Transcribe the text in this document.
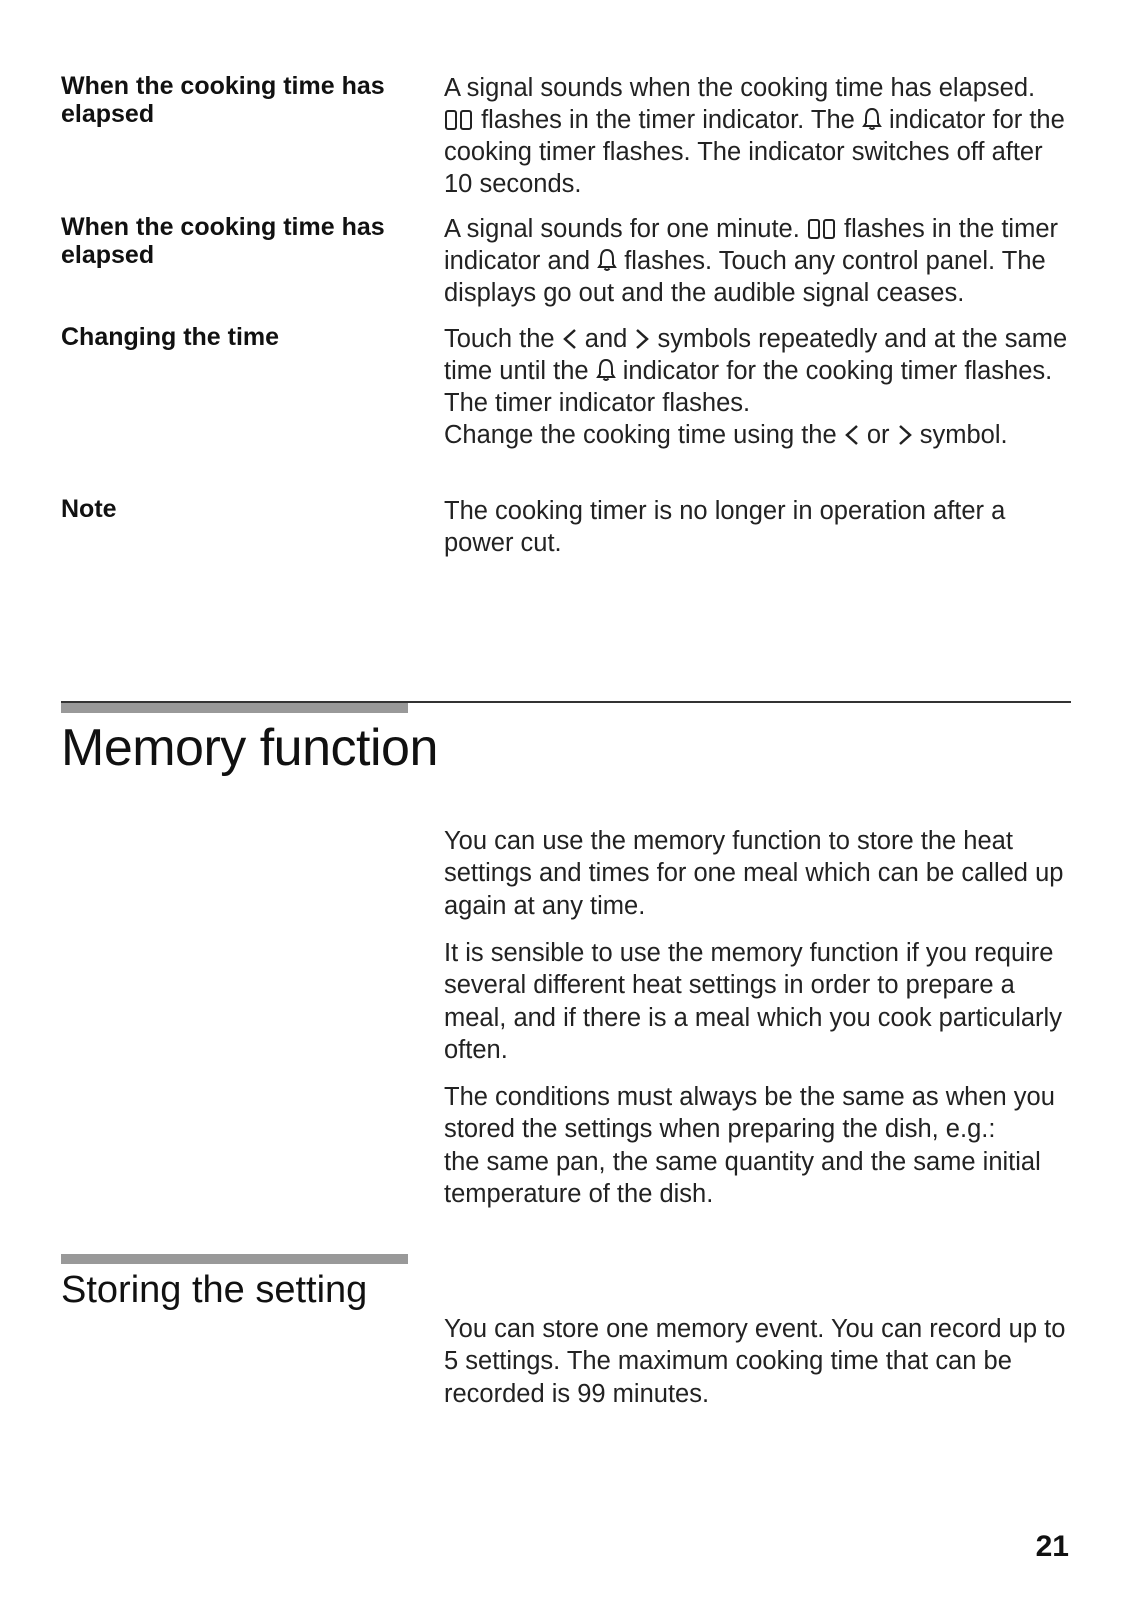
When the cooking time has elapsed

A signal sounds when the cooking time has elapsed.

flashes in the timer indicator. The indicator for the cooking timer flashes. The indicator switches off after 10 seconds.

When the cooking time has elapsed

A signal sounds for one minute. flashes in the timer indicator and flashes. Touch any control panel. The displays go out and the audible signal ceases.

Changing the time	Touch the and symbols repeatedly and at the same time until the indicator for the cooking timer flashes.
The timer indicator flashes.
Change the cooking time using the or symbol.

Note	The cooking timer is no longer in operation after a power cut.

Memory function

You can use the memory function to store the heat settings and times for one meal which can be called up again at any time.

It is sensible to use the memory function if you require several different heat settings in order to prepare a meal, and if there is a meal which you cook particularly often.

The conditions must always be the same as when you stored the settings when preparing the dish, e.g.:

the same pan, the same quantity and the same initial temperature of the dish.

Storing the setting

You can store one memory event. You can record up to 5 settings. The maximum cooking time that can be recorded is 99 minutes.

21
